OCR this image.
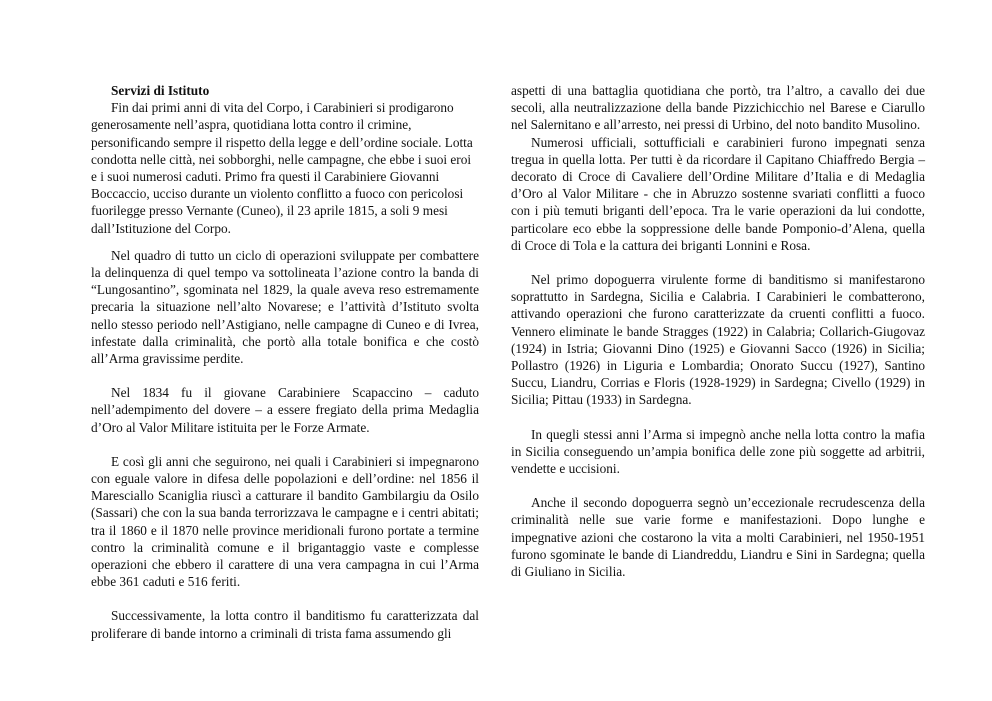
Servizi di Istituto

Fin dai primi anni di vita del Corpo, i Carabinieri si prodigarono generosamente nell’aspra, quotidiana lotta contro il crimine, personificando sempre il rispetto della legge e dell’ordine sociale. Lotta condotta nelle città, nei sobborghi, nelle campagne, che ebbe i suoi eroi e i suoi numerosi caduti. Primo fra questi il Carabiniere Giovanni Boccaccio, ucciso durante un violento conflitto a fuoco con pericolosi fuorilegge presso Vernante (Cuneo), il 23 aprile 1815, a soli 9 mesi dall’Istituzione del Corpo.

Nel quadro di tutto un ciclo di operazioni sviluppate per combattere la delinquenza di quel tempo va sottolineata l’azione contro la banda di “Lungosantino”, sgominata nel 1829, la quale aveva reso estremamente precaria la situazione nell’alto Novarese; e l’attività d’Istituto svolta nello stesso periodo nell’Astigiano, nelle campagne di Cuneo e di Ivrea, infestate dalla criminalità, che portò alla totale bonifica e che costò all’Arma gravissime perdite.

Nel 1834 fu il giovane Carabiniere Scapaccino – caduto nell’adempimento del dovere – a essere fregiato della prima Medaglia d’Oro al Valor Militare istituita per le Forze Armate.

E così gli anni che seguirono, nei quali i Carabinieri si impegnarono con eguale valore in difesa delle popolazioni e dell’ordine: nel 1856 il Maresciallo Scaniglia riuscì a catturare il bandito Gambilargiu da Osilo (Sassari) che con la sua banda terrorizzava le campagne e i centri abitati; tra il 1860 e il 1870 nelle province meridionali furono portate a termine contro la criminalità comune e il brigantaggio vaste e complesse operazioni che ebbero il carattere di una vera campagna in cui l’Arma ebbe 361 caduti e 516 feriti.

Successivamente, la lotta contro il banditismo fu caratterizzata dal proliferare di bande intorno a criminali di trista fama assumendo gli

aspetti di una battaglia quotidiana che portò, tra l’altro, a cavallo dei due secoli, alla neutralizzazione della bande Pizzichicchio nel Barese e Ciarullo nel Salernitano e all’arresto, nei pressi di Urbino, del noto bandito Musolino.

Numerosi ufficiali, sottufficiali e carabinieri furono impegnati senza tregua in quella lotta. Per tutti è da ricordare il Capitano Chiaffredo Bergia – decorato di Croce di Cavaliere dell’Ordine Militare d’Italia e di Medaglia d’Oro al Valor Militare - che in Abruzzo sostenne svariati conflitti a fuoco con i più temuti briganti dell’epoca. Tra le varie operazioni da lui condotte, particolare eco ebbe la soppressione delle bande Pomponio-d’Alena, quella di Croce di Tola e la cattura dei briganti Lonnini e Rosa.

Nel primo dopoguerra virulente forme di banditismo si manifestarono soprattutto in Sardegna, Sicilia e Calabria. I Carabinieri le combatterono, attivando operazioni che furono caratterizzate da cruenti conflitti a fuoco. Vennero eliminate le bande Stragges (1922) in Calabria; Collarich-Giugovaz (1924) in Istria; Giovanni Dino (1925) e Giovanni Sacco (1926) in Sicilia; Pollastro (1926) in Liguria e Lombardia; Onorato Succu (1927), Santino Succu, Liandru, Corrias e Floris (1928-1929) in Sardegna; Civello (1929) in Sicilia; Pittau (1933) in Sardegna.

In quegli stessi anni l’Arma si impegnò anche nella lotta contro la mafia in Sicilia conseguendo un’ampia bonifica delle zone più soggette ad arbitrii, vendette e uccisioni.

Anche il secondo dopoguerra segnò un’eccezionale recrudescenza della criminalità nelle sue varie forme e manifestazioni. Dopo lunghe e impegnative azioni che costarono la vita a molti Carabinieri, nel 1950-1951 furono sgominate le bande di Liandreddu, Liandru e Sini in Sardegna; quella di Giuliano in Sicilia.
